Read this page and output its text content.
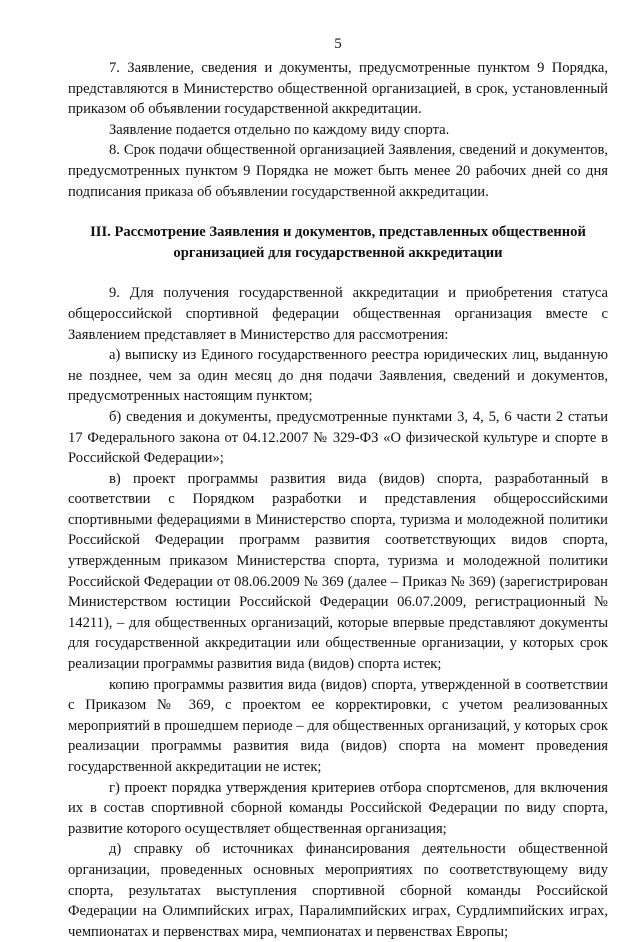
5

7. Заявление, сведения и документы, предусмотренные пунктом 9 Порядка, представляются в Министерство общественной организацией, в срок, установленный приказом об объявлении государственной аккредитации.

Заявление подается отдельно по каждому виду спорта.

8. Срок подачи общественной организацией Заявления, сведений и документов, предусмотренных пунктом 9 Порядка не может быть менее 20 рабочих дней со дня подписания приказа об объявлении государственной аккредитации.

III. Рассмотрение Заявления и документов, представленных общественной организацией для государственной аккредитации

9. Для получения государственной аккредитации и приобретения статуса общероссийской спортивной федерации общественная организация вместе с Заявлением представляет в Министерство для рассмотрения:

а) выписку из Единого государственного реестра юридических лиц, выданную не позднее, чем за один месяц до дня подачи Заявления, сведений и документов, предусмотренных настоящим пунктом;

б) сведения и документы, предусмотренные пунктами 3, 4, 5, 6 части 2 статьи 17 Федерального закона от 04.12.2007 № 329-ФЗ «О физической культуре и спорте в Российской Федерации»;

в) проект программы развития вида (видов) спорта, разработанный в соответствии с Порядком разработки и представления общероссийскими спортивными федерациями в Министерство спорта, туризма и молодежной политики Российской Федерации программ развития соответствующих видов спорта, утвержденным приказом Министерства спорта, туризма и молодежной политики Российской Федерации от 08.06.2009 № 369 (далее – Приказ № 369) (зарегистрирован Министерством юстиции Российской Федерации 06.07.2009, регистрационный № 14211), – для общественных организаций, которые впервые представляют документы для государственной аккредитации или общественные организации, у которых срок реализации программы развития вида (видов) спорта истек;

копию программы развития вида (видов) спорта, утвержденной в соответствии с Приказом № 369, с проектом ее корректировки, с учетом реализованных мероприятий в прошедшем периоде – для общественных организаций, у которых срок реализации программы развития вида (видов) спорта на момент проведения государственной аккредитации не истек;

г) проект порядка утверждения критериев отбора спортсменов, для включения их в состав спортивной сборной команды Российской Федерации по виду спорта, развитие которого осуществляет общественная организация;

д) справку об источниках финансирования деятельности общественной организации, проведенных основных мероприятиях по соответствующему виду спорта, результатах выступления спортивной сборной команды Российской Федерации на Олимпийских играх, Паралимпийских играх, Сурдлимпийских играх, чемпионатах и первенствах мира, чемпионатах и первенствах Европы;
